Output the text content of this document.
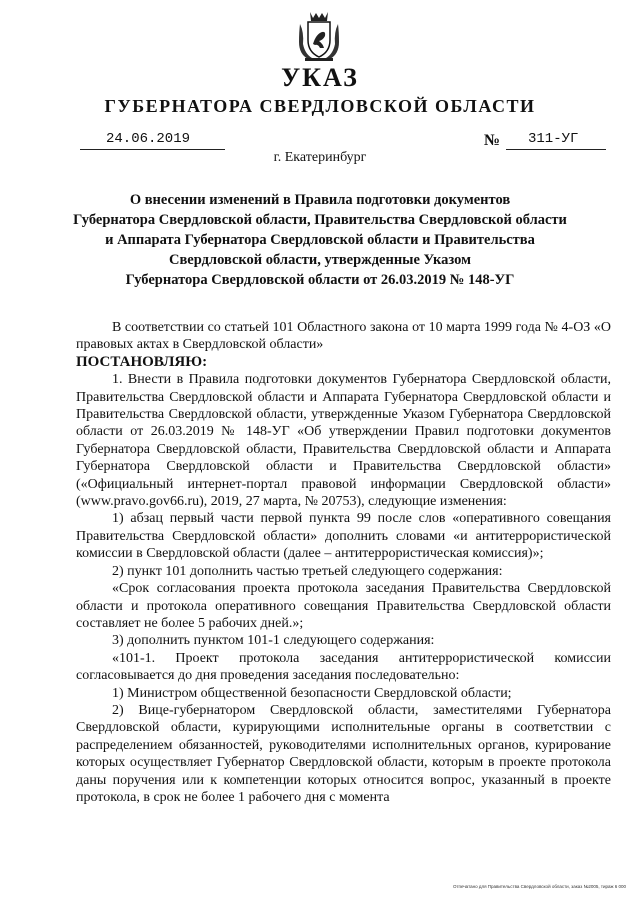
УКАЗ
ГУБЕРНАТОРА СВЕРДЛОВСКОЙ ОБЛАСТИ
24.06.2019	№ 311-УГ
г. Екатеринбург
О внесении изменений в Правила подготовки документов
Губернатора Свердловской области, Правительства Свердловской области
и Аппарата Губернатора Свердловской области и Правительства
Свердловской области, утвержденные Указом
Губернатора Свердловской области от 26.03.2019 № 148-УГ

В соответствии со статьей 101 Областного закона от 10 марта 1999 года № 4-ОЗ «О правовых актах в Свердловской области»

ПОСТАНОВЛЯЮ:

1. Внести в Правила подготовки документов Губернатора Свердловской области, Правительства Свердловской области и Аппарата Губернатора Свердловской области и Правительства Свердловской области, утвержденные Указом Губернатора Свердловской области от 26.03.2019 № 148-УГ «Об утверждении Правил подготовки документов Губернатора Свердловской области, Правительства Свердловской области и Аппарата Губернатора Свердловской области и Правительства Свердловской области» («Официальный интернет-портал правовой информации Свердловской области» (www.pravo.gov66.ru), 2019, 27 марта, № 20753), следующие изменения:

1) абзац первый части первой пункта 99 после слов «оперативного совещания Правительства Свердловской области» дополнить словами «и антитеррористической комиссии в Свердловской области (далее – антитеррористическая комиссия)»;

2) пункт 101 дополнить частью третьей следующего содержания:

«Срок согласования проекта протокола заседания Правительства Свердловской области и протокола оперативного совещания Правительства Свердловской области составляет не более 5 рабочих дней.»;

3) дополнить пунктом 101-1 следующего содержания:

«101-1. Проект протокола заседания антитеррористической комиссии согласовывается до дня проведения заседания последовательно:

1) Министром общественной безопасности Свердловской области;

2) Вице-губернатором Свердловской области, заместителями Губернатора Свердловской области, курирующими исполнительные органы в соответствии с распределением обязанностей, руководителями исполнительных органов, курирование которых осуществляет Губернатор Свердловской области, которым в проекте протокола даны поручения или к компетенции которых относится вопрос, указанный в проекте протокола, в срок не более 1 рабочего дня с момента

Отпечатано для Правительства Свердловской области, заказ №2005, тираж 6 000
